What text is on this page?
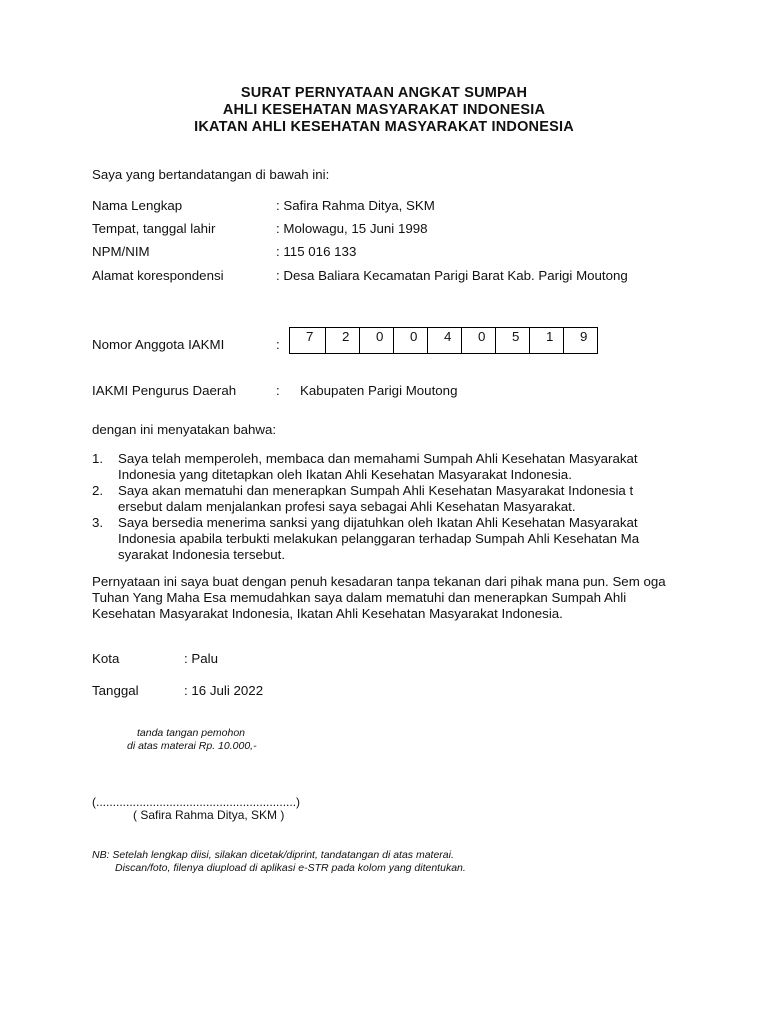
SURAT PERNYATAAN ANGKAT SUMPAH
AHLI KESEHATAN MASYARAKAT INDONESIA
IKATAN AHLI KESEHATAN MASYARAKAT INDONESIA
Saya yang bertandatangan di bawah ini:
Nama Lengkap	: Safira Rahma Ditya, SKM
Tempat, tanggal lahir	: Molowagu, 15 Juni 1998
NPM/NIM	: 115 016 133
Alamat korespondensi	: Desa Baliara Kecamatan Parigi Barat Kab. Parigi Moutong
Nomor Anggota IAKMI	:
7	2	0	0	4	0	5	1	9
IAKMI Pengurus Daerah	: Kabupaten Parigi Moutong
dengan ini menyatakan bahwa:
1.	Saya telah memperoleh, membaca dan memahami Sumpah Ahli Kesehatan Masyarakat Indonesia yang ditetapkan oleh Ikatan Ahli Kesehatan Masyarakat Indonesia.
2.	Saya akan mematuhi dan menerapkan Sumpah Ahli Kesehatan Masyarakat Indonesia t ersebut dalam menjalankan profesi saya sebagai Ahli Kesehatan Masyarakat.
3.	Saya bersedia menerima sanksi yang dijatuhkan oleh Ikatan Ahli Kesehatan Masyarakat Indonesia apabila terbukti melakukan pelanggaran terhadap Sumpah Ahli Kesehatan Ma syarakat Indonesia tersebut.
Pernyataan ini saya buat dengan penuh kesadaran tanpa tekanan dari pihak mana pun. Sem oga Tuhan Yang Maha Esa memudahkan saya dalam mematuhi dan menerapkan Sumpah Ahli Kesehatan Masyarakat Indonesia, Ikatan Ahli Kesehatan Masyarakat Indonesia.
Kota	: Palu
Tanggal	: 16 Juli 2022
tanda tangan pemohon
di atas materai Rp. 10.000,-
(............................................................)
( Safira Rahma Ditya, SKM )
NB: Setelah lengkap diisi, silakan dicetak/diprint, tandatangan di atas materai.
Discan/foto, filenya diupload di aplikasi e-STR pada kolom yang ditentukan.
